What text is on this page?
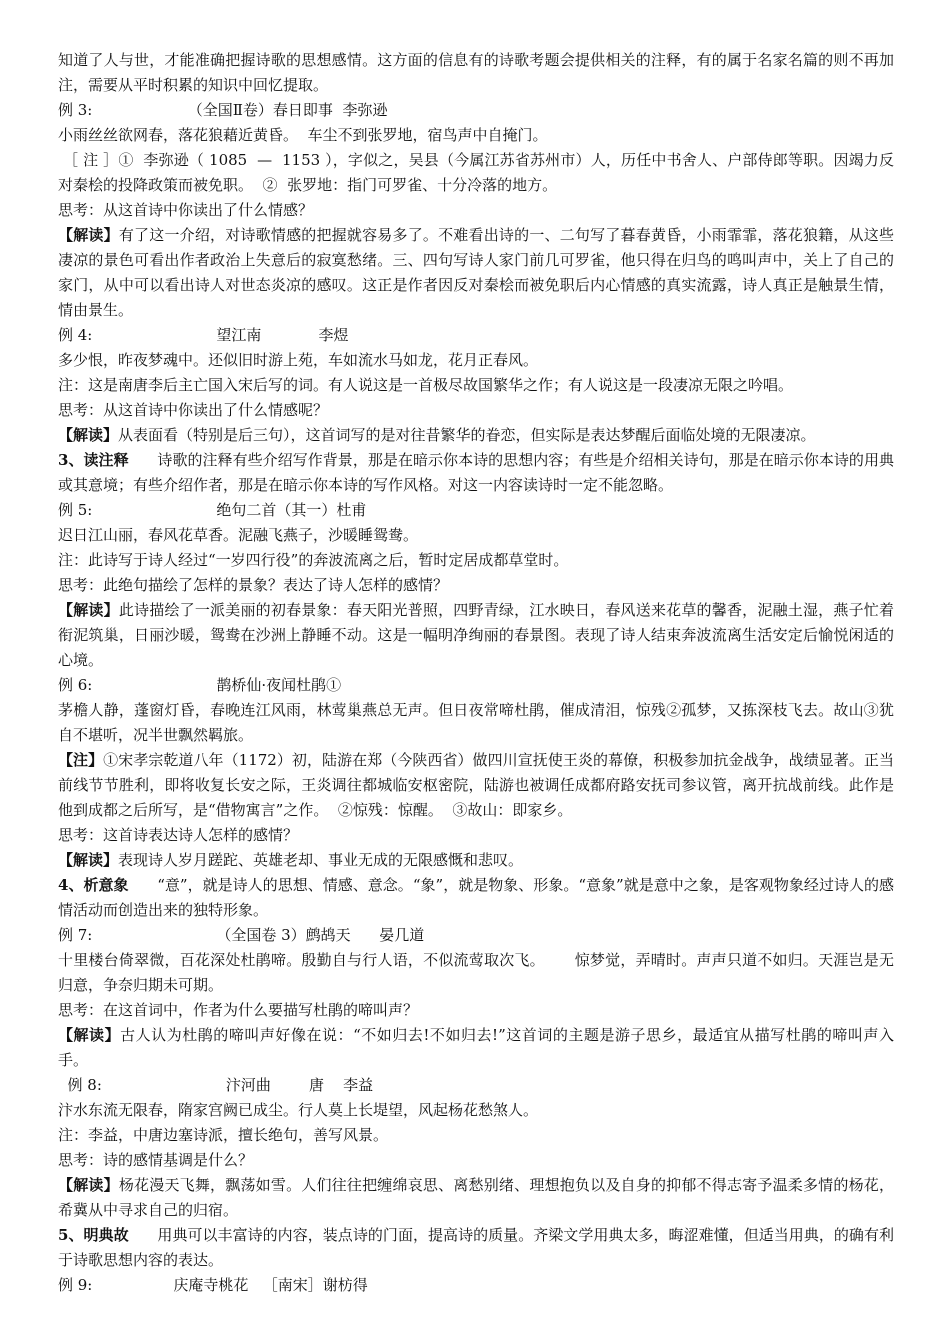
知道了人与世，才能准确把握诗歌的思想感情。这方面的信息有的诗歌考题会提供相关的注释，有的属于名家名篇的则不再加注，需要从平时积累的知识中回忆提取。

例 3:                    （全国Ⅱ卷）春日即事  李弥逊

小雨丝丝欲网春，落花狼藉近黄昏。  车尘不到张罗地，宿鸟声中自掩门。

［ 注 ］①  李弥逊（ 1085  —  1153 ），字似之，吴县（今属江苏省苏州市）人，历任中书舍人、户部侍郎等职。因竭力反对秦桧的投降政策而被免职。  ②  张罗地：指门可罗雀、十分冷落的地方。

思考：从这首诗中你读出了什么情感？

【解读】有了这一介绍，对诗歌情感的把握就容易多了。不难看出诗的一、二句写了暮春黄昏，小雨霏霏，落花狼籍，从这些凄凉的景色可看出作者政治上失意后的寂寞愁绪。三、四句写诗人家门前几可罗雀，他只得在归鸟的鸣叫声中，关上了自己的家门，从中可以看出诗人对世态炎凉的感叹。这正是作者因反对秦桧而被免职后内心情感的真实流露，诗人真正是触景生情，情由景生。

例 4:                          望江南            李煜

多少恨，昨夜梦魂中。还似旧时游上苑，车如流水马如龙，花月正春风。

注：这是南唐李后主亡国入宋后写的词。有人说这是一首极尽故国繁华之作；有人说这是一段凄凉无限之吟唱。

思考：从这首诗中你读出了什么情感呢？

【解读】从表面看（特别是后三句），这首词写的是对往昔繁华的眷恋，但实际是表达梦醒后面临处境的无限凄凉。

3、读注释      诗歌的注释有些介绍写作背景，那是在暗示你本诗的思想内容；有些是介绍相关诗句，那是在暗示你本诗的用典或其意境；有些介绍作者，那是在暗示你本诗的写作风格。对这一内容读诗时一定不能忽略。

例 5:                          绝句二首（其一）杜甫

迟日江山丽，春风花草香。泥融飞燕子，沙暖睡鸳鸯。

注：此诗写于诗人经过“一岁四行役”的奔波流离之后，暂时定居成都草堂时。

思考：此绝句描绘了怎样的景象？表达了诗人怎样的感情？

【解读】此诗描绘了一派美丽的初春景象：春天阳光普照，四野青绿，江水映日，春风送来花草的馨香，泥融土湿，燕子忙着衔泥筑巢，日丽沙暖，鸳鸯在沙洲上静睡不动。这是一幅明净绚丽的春景图。表现了诗人结束奔波流离生活安定后愉悦闲适的心境。

例 6:                          鹊桥仙·夜闻杜鹃①

茅檐人静，蓬窗灯昏，春晚连江风雨，林莺巢燕总无声。但日夜常啼杜鹃，催成清泪，惊残②孤梦，又拣深枝飞去。故山③犹自不堪听，况半世飘然羁旅。

【注】①宋孝宗乾道八年（1172）初，陆游在郑（今陕西省）做四川宣抚使王炎的幕僚，积极参加抗金战争，战绩显著。正当前线节节胜利，即将收复长安之际，王炎调往都城临安枢密院，陆游也被调任成都府路安抚司参议管，离开抗战前线。此作是他到成都之后所写，是“借物寓言”之作。  ②惊残：惊醒。  ③故山：即家乡。

思考：这首诗表达诗人怎样的感情？

【解读】表现诗人岁月蹉跎、英雄老却、事业无成的无限感慨和悲叹。

4、析意象      “意”，就是诗人的思想、情感、意念。“象”，就是物象、形象。“意象”就是意中之象，是客观物象经过诗人的感情活动而创造出来的独特形象。

例 7:                          （全国卷 3）鹧鸪天      晏几道

十里楼台倚翠微，百花深处杜鹃啼。殷勤自与行人语，不似流莺取次飞。      惊梦觉，弄晴时。声声只道不如归。天涯岂是无归意，争奈归期未可期。

思考：在这首词中，作者为什么要描写杜鹃的啼叫声？

【解读】古人认为杜鹃的啼叫声好像在说：“不如归去!不如归去!”这首词的主题是游子思乡，最适宜从描写杜鹃的啼叫声入手。

例 8:                          汴河曲        唐    李益

汴水东流无限春，隋家宫阙已成尘。行人莫上长堤望，风起杨花愁煞人。

注：李益，中唐边塞诗派，擅长绝句，善写风景。

思考：诗的感情基调是什么？

【解读】杨花漫天飞舞，飘荡如雪。人们往往把缠绵哀思、离愁别绪、理想抱负以及自身的抑郁不得志寄予温柔多情的杨花，希冀从中寻求自己的归宿。

5、明典故      用典可以丰富诗的内容，装点诗的门面，提高诗的质量。齐梁文学用典太多，晦涩难懂，但适当用典，的确有利于诗歌思想内容的表达。

例 9:                 庆庵寺桃花   ［南宋］谢枋得
